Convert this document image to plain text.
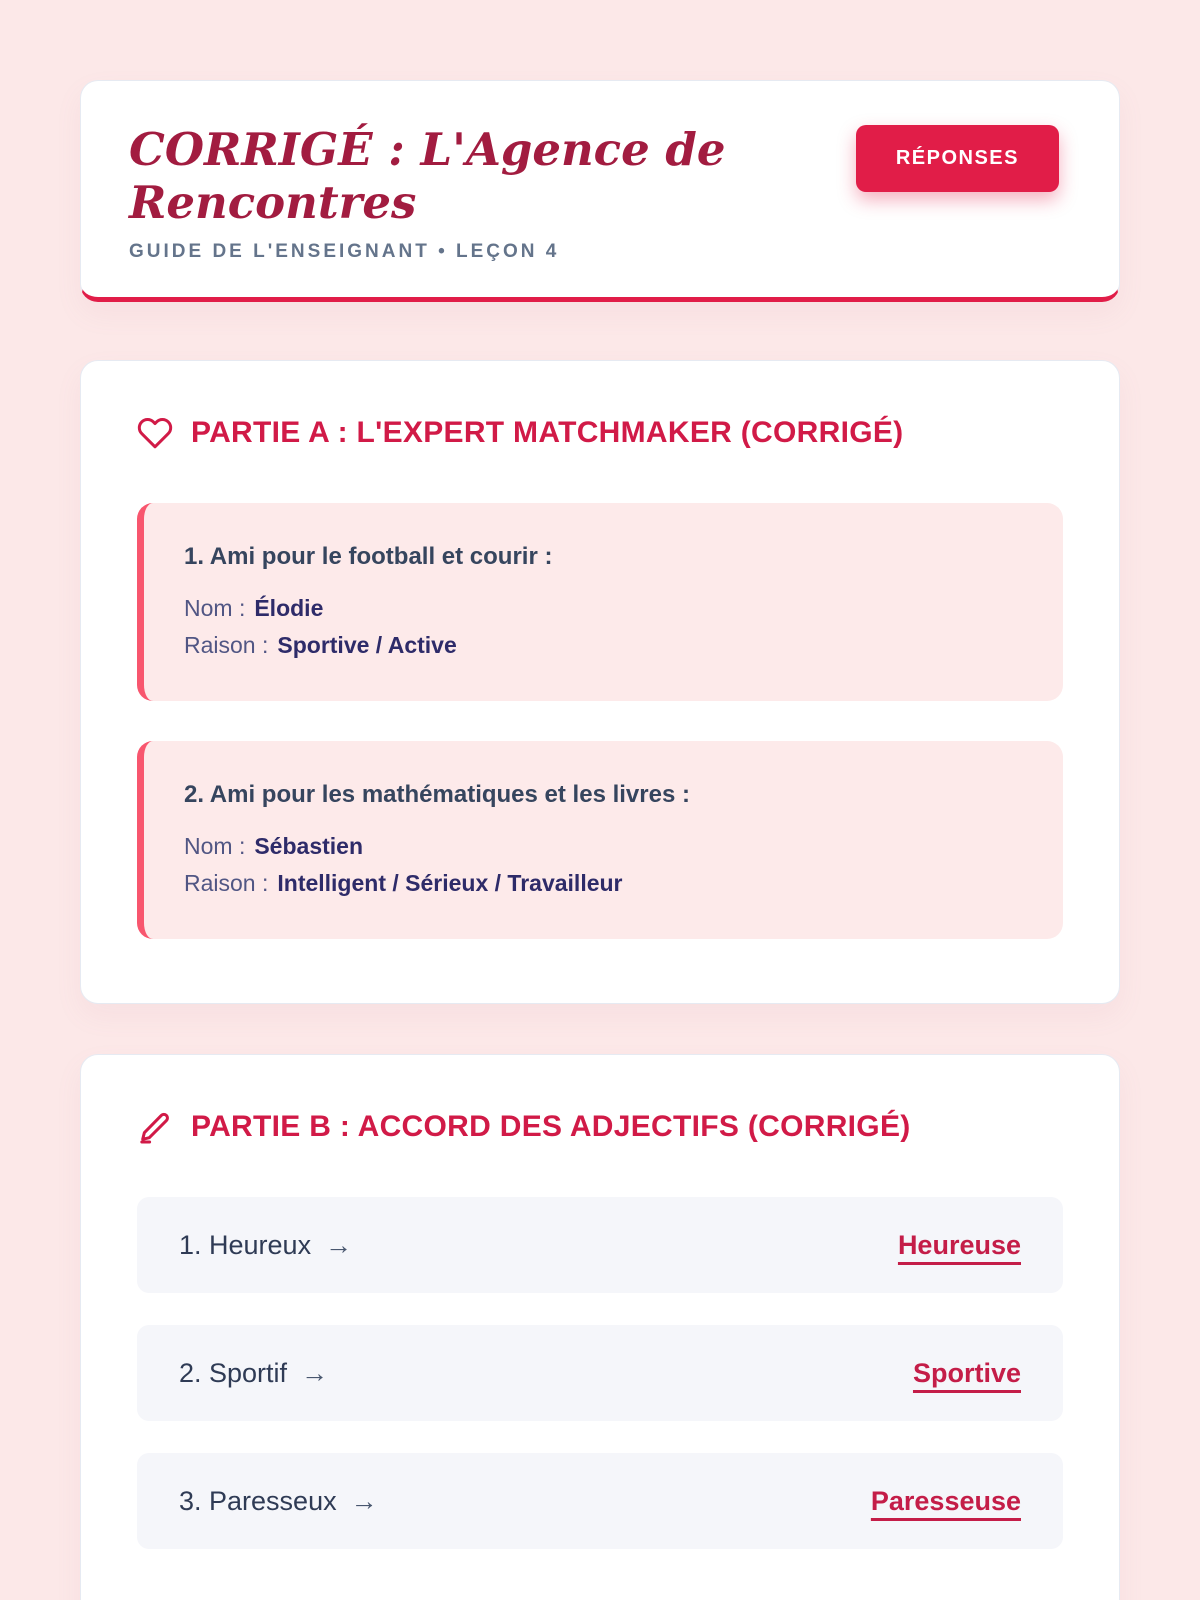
CORRIGÉ : L'Agence de Rencontres
GUIDE DE L'ENSEIGNANT • LEÇON 4
RÉPONSES
PARTIE A : L'EXPERT MATCHMAKER (CORRIGÉ)

1. Ami pour le football et courir :

Nom : Élodie

Raison : Sportive / Active

2. Ami pour les mathématiques et les livres :

Nom : Sébastien

Raison : Intelligent / Sérieux / Travailleur

PARTIE B : ACCORD DES ADJECTIFS (CORRIGÉ)
1. Heureux →	Heureuse
2. Sportif →	Sportive
3. Paresseux →	Paresseuse
